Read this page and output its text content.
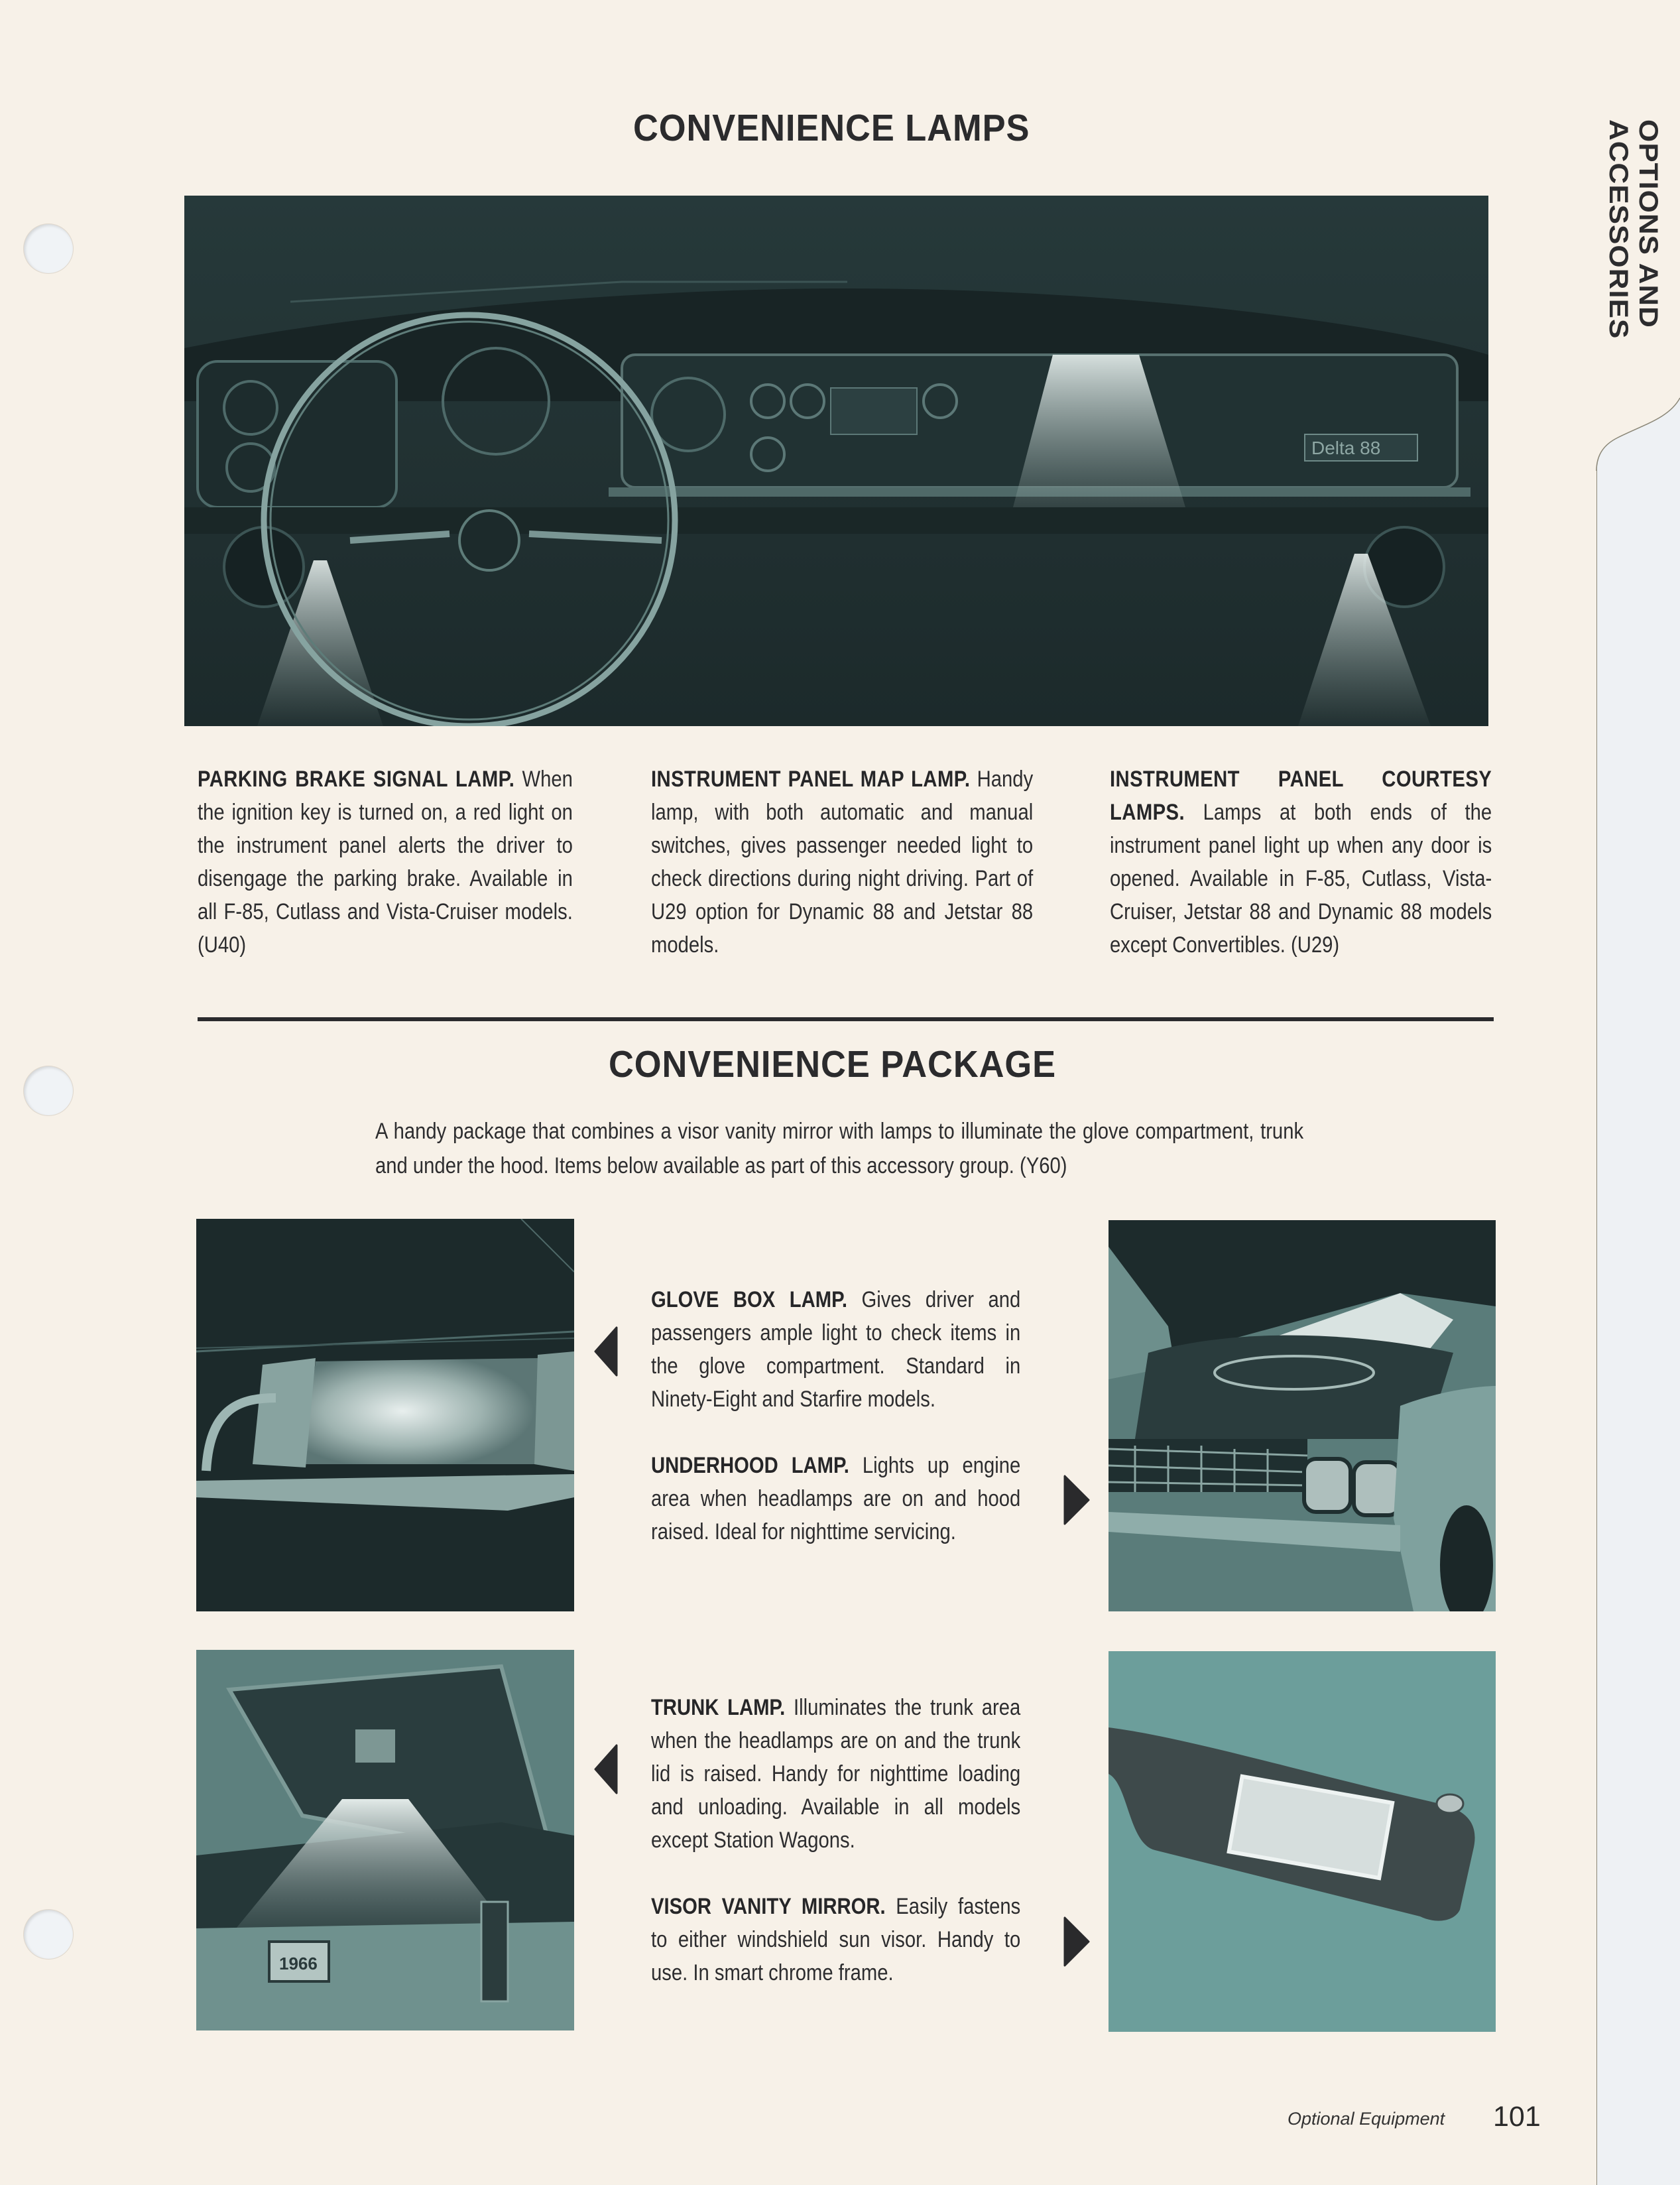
OPTIONS AND
ACCESSORIES
CONVENIENCE LAMPS
Delta 88
PARKING BRAKE SIGNAL LAMP. When the ignition key is turned on, a red light on the instrument panel alerts the driver to disengage the parking brake. Available in all F-85, Cutlass and Vista-Cruiser models. (U40)
INSTRUMENT PANEL MAP LAMP. Handy lamp, with both automatic and manual switches, gives passenger needed light to check directions during night driving. Part of U29 option for Dynamic 88 and Jetstar 88 models.
INSTRUMENT PANEL COURTESY LAMPS. Lamps at both ends of the instrument panel light up when any door is opened. Available in F-85, Cutlass, Vista-Cruiser, Jetstar 88 and Dynamic 88 models except Convertibles. (U29)
CONVENIENCE PACKAGE
A handy package that combines a visor vanity mirror with lamps to illuminate the glove compartment, trunk and under the hood. Items below available as part of this accessory group. (Y60)

GLOVE BOX LAMP. Gives driver and passengers ample light to check items in the glove compartment. Standard in Ninety-Eight and Starfire models.

UNDERHOOD LAMP. Lights up engine area when headlamps are on and hood raised. Ideal for nighttime servicing.

1966

TRUNK LAMP. Illuminates the trunk area when the headlamps are on and the trunk lid is raised. Handy for nighttime loading and unloading. Available in all models except Station Wagons.

VISOR VANITY MIRROR. Easily fastens to either windshield sun visor. Handy to use. In smart chrome frame.

Optional Equipment 101
